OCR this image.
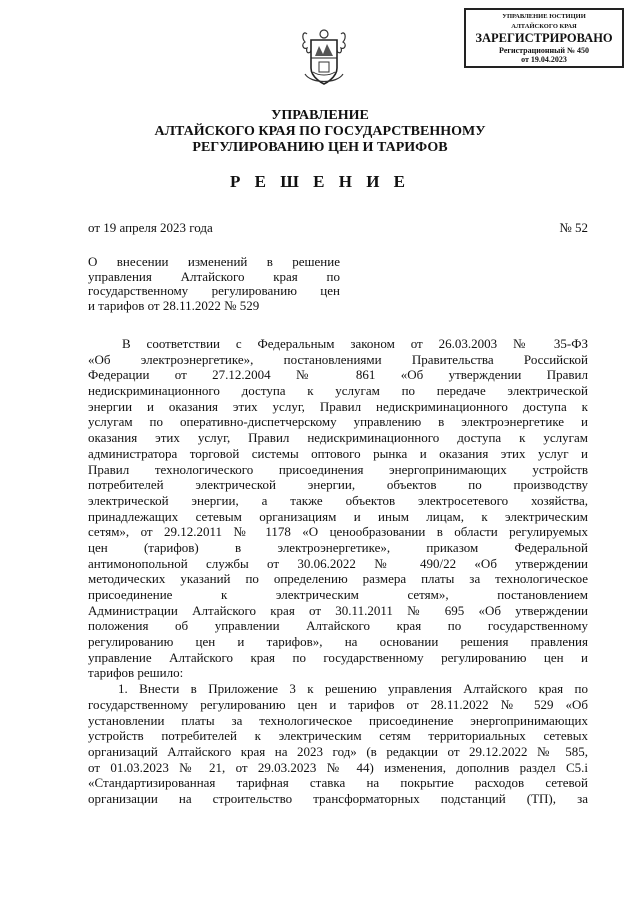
УПРАВЛЕНИЕ ЮСТИЦИИ
АЛТАЙСКОГО КРАЯ
ЗАРЕГИСТРИРОВАНО
Регистрационный № 450
от 19.04.2023
УПРАВЛЕНИЕ
АЛТАЙСКОГО КРАЯ ПО ГОСУДАРСТВЕННОМУ
РЕГУЛИРОВАНИЮ ЦЕН И ТАРИФОВ
Р Е Ш Е Н И Е
от 19 апреля 2023 года	№ 52
О внесении изменений в решение
управления Алтайского края по
государственному регулированию цен
и тарифов от 28.11.2022 № 529
В соответствии с Федеральным законом от 26.03.2003 № 35-ФЗ
«Об электроэнергетике», постановлениями Правительства Российской
Федерации от 27.12.2004 № 861 «Об утверждении Правил
недискриминационного доступа к услугам по передаче электрической
энергии и оказания этих услуг, Правил недискриминационного доступа к
услугам по оперативно-диспетчерскому управлению в электроэнергетике и
оказания этих услуг, Правил недискриминационного доступа к услугам
администратора торговой системы оптового рынка и оказания этих услуг и
Правил технологического присоединения энергопринимающих устройств
потребителей электрической энергии, объектов по производству
электрической энергии, а также объектов электросетевого хозяйства,
принадлежащих сетевым организациям и иным лицам, к электрическим
сетям», от 29.12.2011 № 1178 «О ценообразовании в области регулируемых
цен (тарифов) в электроэнергетике», приказом Федеральной
антимонопольной службы от 30.06.2022 № 490/22 «Об утверждении
методических указаний по определению размера платы за технологическое
присоединение к электрическим сетям», постановлением
Администрации Алтайского края от 30.11.2011 № 695 «Об утверждении
положения об управлении Алтайского края по государственному
регулированию цен и тарифов», на основании решения правления
управление Алтайского края по государственному регулированию цен и
тарифов решило:
1. Внести в Приложение 3 к решению управления Алтайского края по
государственному регулированию цен и тарифов от 28.11.2022 № 529 «Об
установлении платы за технологическое присоединение энергопринимающих
устройств потребителей к электрическим сетям территориальных сетевых
организаций Алтайского края на 2023 год» (в редакции от 29.12.2022 № 585,
от 01.03.2023 № 21, от 29.03.2023 № 44) изменения, дополнив раздел С5.i
«Стандартизированная тарифная ставка на покрытие расходов сетевой
организации на строительство трансформаторных подстанций (ТП), за
